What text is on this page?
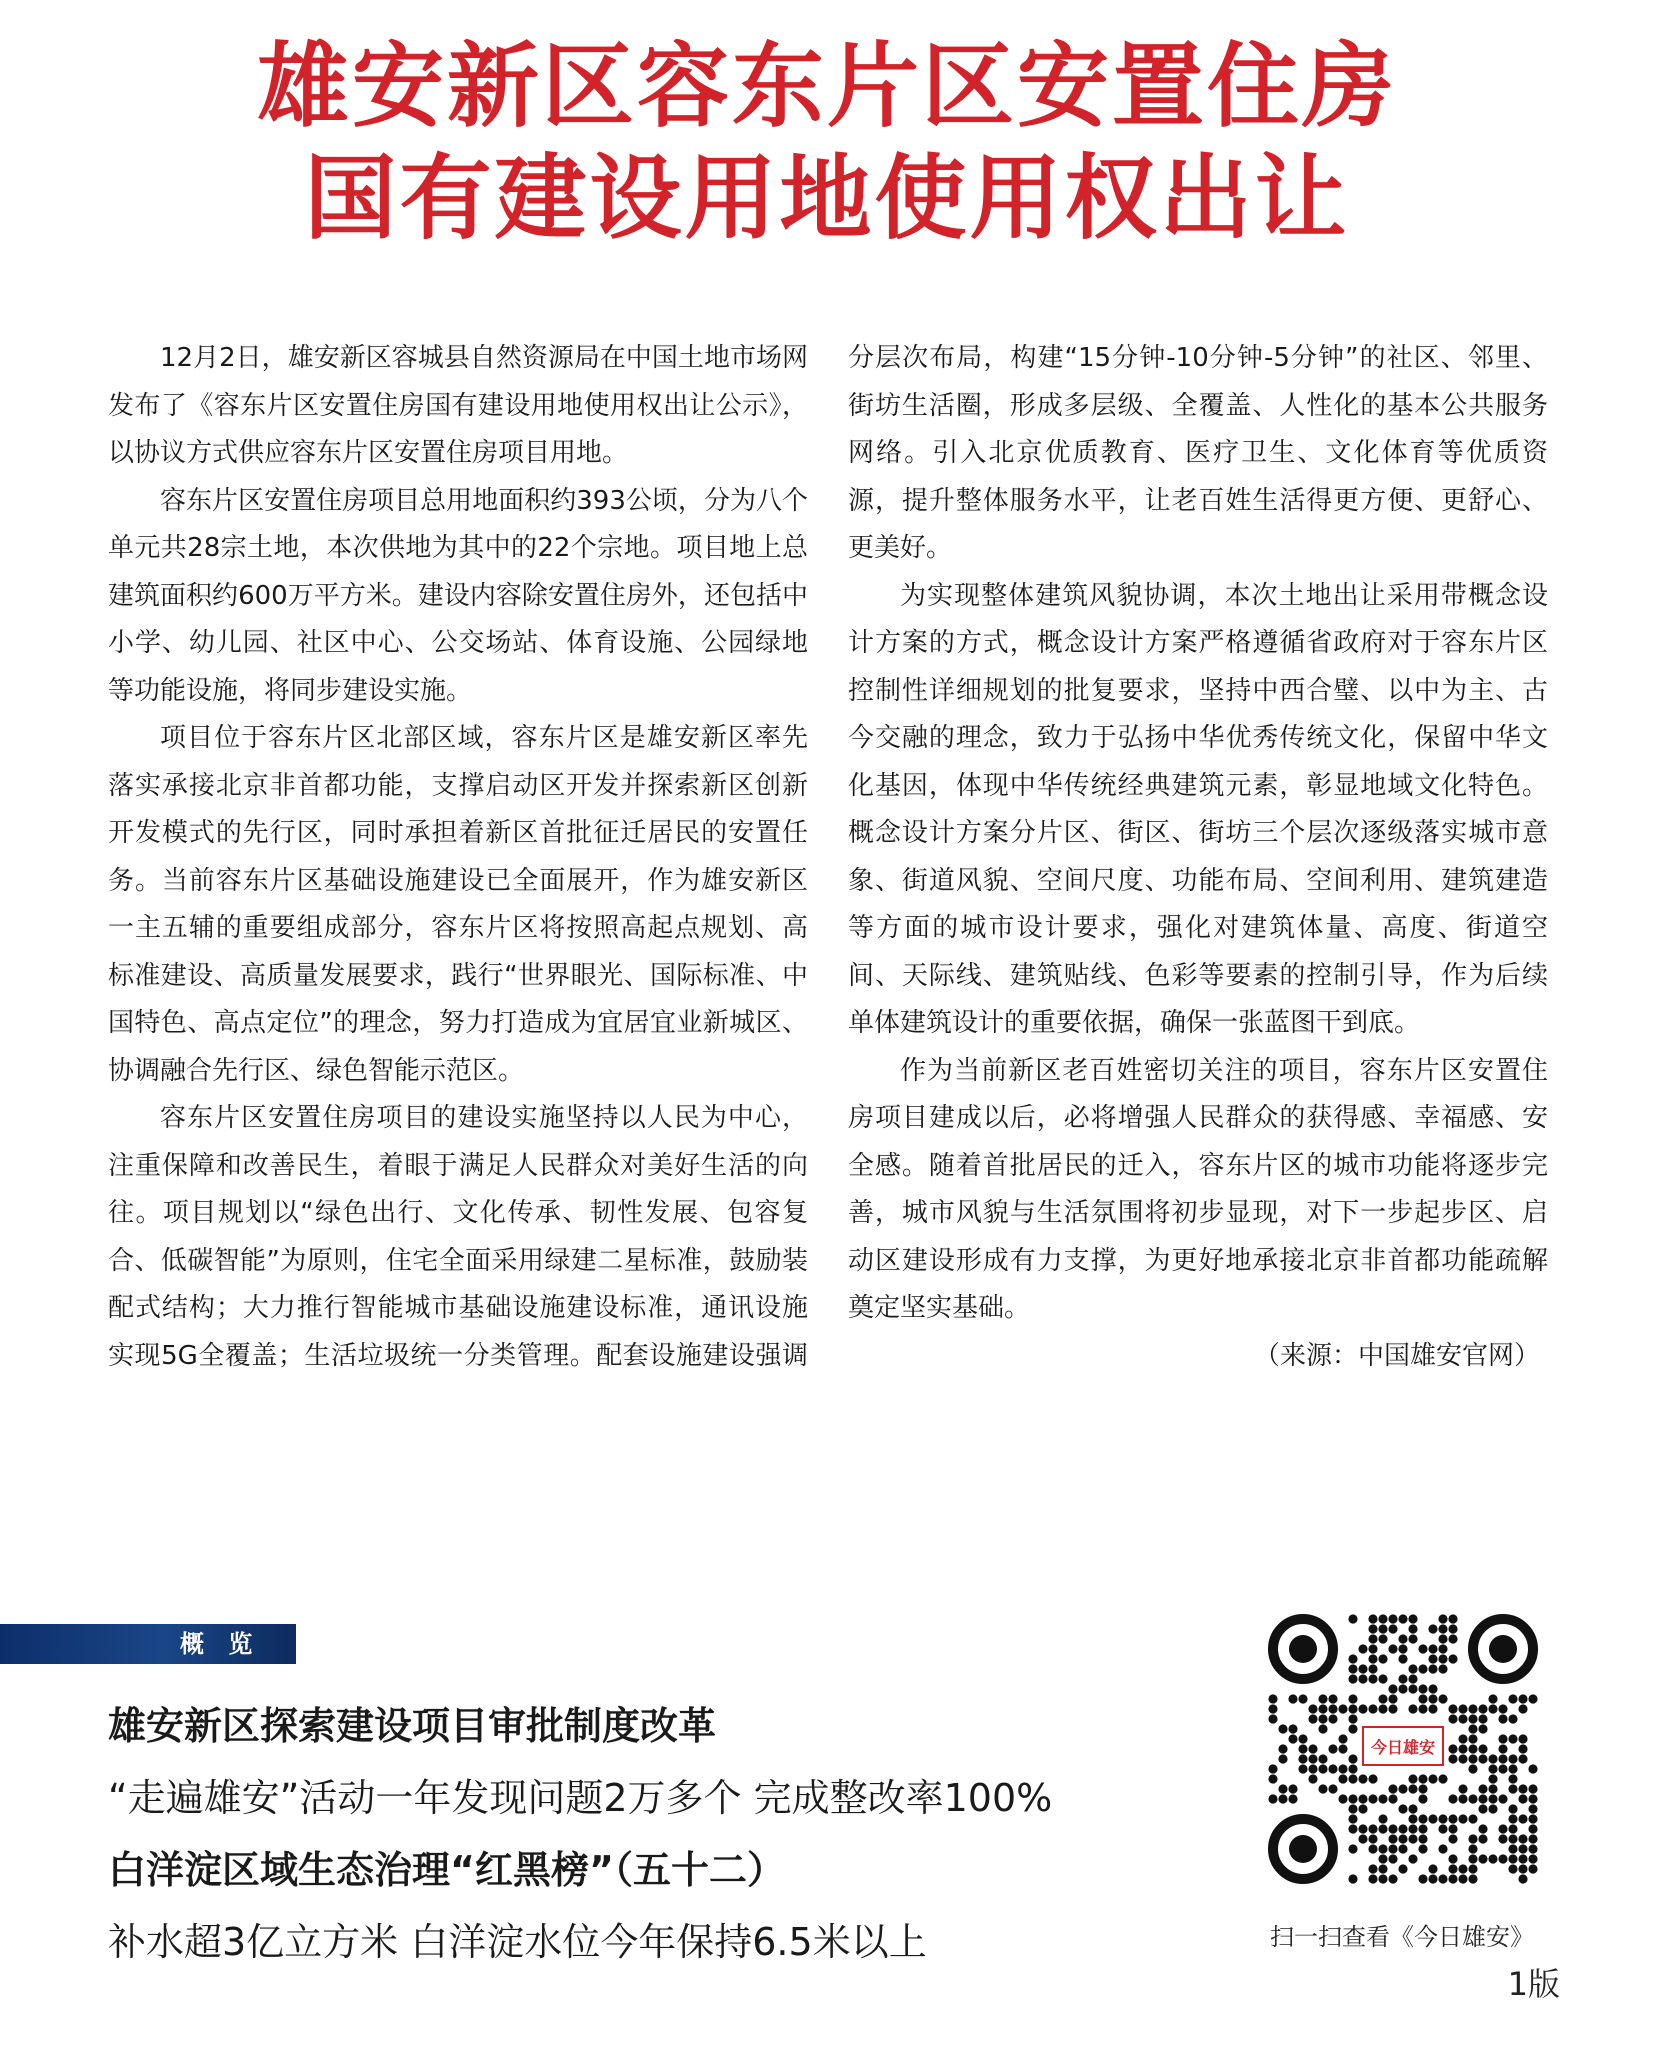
雄安新区容东片区安置住房
国有建设用地使用权出让

12月2日，雄安新区容城县自然资源局在中国土地市场网发布了《容东片区安置住房国有建设用地使用权出让公示》，以协议方式供应容东片区安置住房项目用地。

容东片区安置住房项目总用地面积约393公顷，分为八个单元共28宗土地，本次供地为其中的22个宗地。项目地上总建筑面积约600万平方米。建设内容除安置住房外，还包括中小学、幼儿园、社区中心、公交场站、体育设施、公园绿地等功能设施，将同步建设实施。

项目位于容东片区北部区域，容东片区是雄安新区率先落实承接北京非首都功能，支撑启动区开发并探索新区创新开发模式的先行区，同时承担着新区首批征迁居民的安置任务。当前容东片区基础设施建设已全面展开，作为雄安新区一主五辅的重要组成部分，容东片区将按照高起点规划、高标准建设、高质量发展要求，践行“世界眼光、国际标准、中国特色、高点定位”的理念，努力打造成为宜居宜业新城区、协调融合先行区、绿色智能示范区。

容东片区安置住房项目的建设实施坚持以人民为中心，注重保障和改善民生，着眼于满足人民群众对美好生活的向往。项目规划以“绿色出行、文化传承、韧性发展、包容复合、低碳智能”为原则，住宅全面采用绿建二星标准，鼓励装配式结构；大力推行智能城市基础设施建设标准，通讯设施实现5G全覆盖；生活垃圾统一分类管理。配套设施建设强调分层次布局，构建“15分钟-10分钟-5分钟”的社区、邻里、街坊生活圈，形成多层级、全覆盖、人性化的基本公共服务网络。引入北京优质教育、医疗卫生、文化体育等优质资源，提升整体服务水平，让老百姓生活得更方便、更舒心、更美好。

为实现整体建筑风貌协调，本次土地出让采用带概念设计方案的方式，概念设计方案严格遵循省政府对于容东片区控制性详细规划的批复要求，坚持中西合璧、以中为主、古今交融的理念，致力于弘扬中华优秀传统文化，保留中华文化基因，体现中华传统经典建筑元素，彰显地域文化特色。概念设计方案分片区、街区、街坊三个层次逐级落实城市意象、街道风貌、空间尺度、功能布局、空间利用、建筑建造等方面的城市设计要求，强化对建筑体量、高度、街道空间、天际线、建筑贴线、色彩等要素的控制引导，作为后续单体建筑设计的重要依据，确保一张蓝图干到底。

作为当前新区老百姓密切关注的项目，容东片区安置住房项目建成以后，必将增强人民群众的获得感、幸福感、安全感。随着首批居民的迁入，容东片区的城市功能将逐步完善，城市风貌与生活氛围将初步显现，对下一步起步区、启动区建设形成有力支撑，为更好地承接北京非首都功能疏解奠定坚实基础。

（来源：中国雄安官网）

概 览
雄安新区探索建设项目审批制度改革
“走遍雄安”活动一年发现问题2万多个 完成整改率100%
白洋淀区域生态治理“红黑榜”（五十二）
补水超3亿立方米 白洋淀水位今年保持6.5米以上
今日雄安
扫一扫查看《今日雄安》
1版
